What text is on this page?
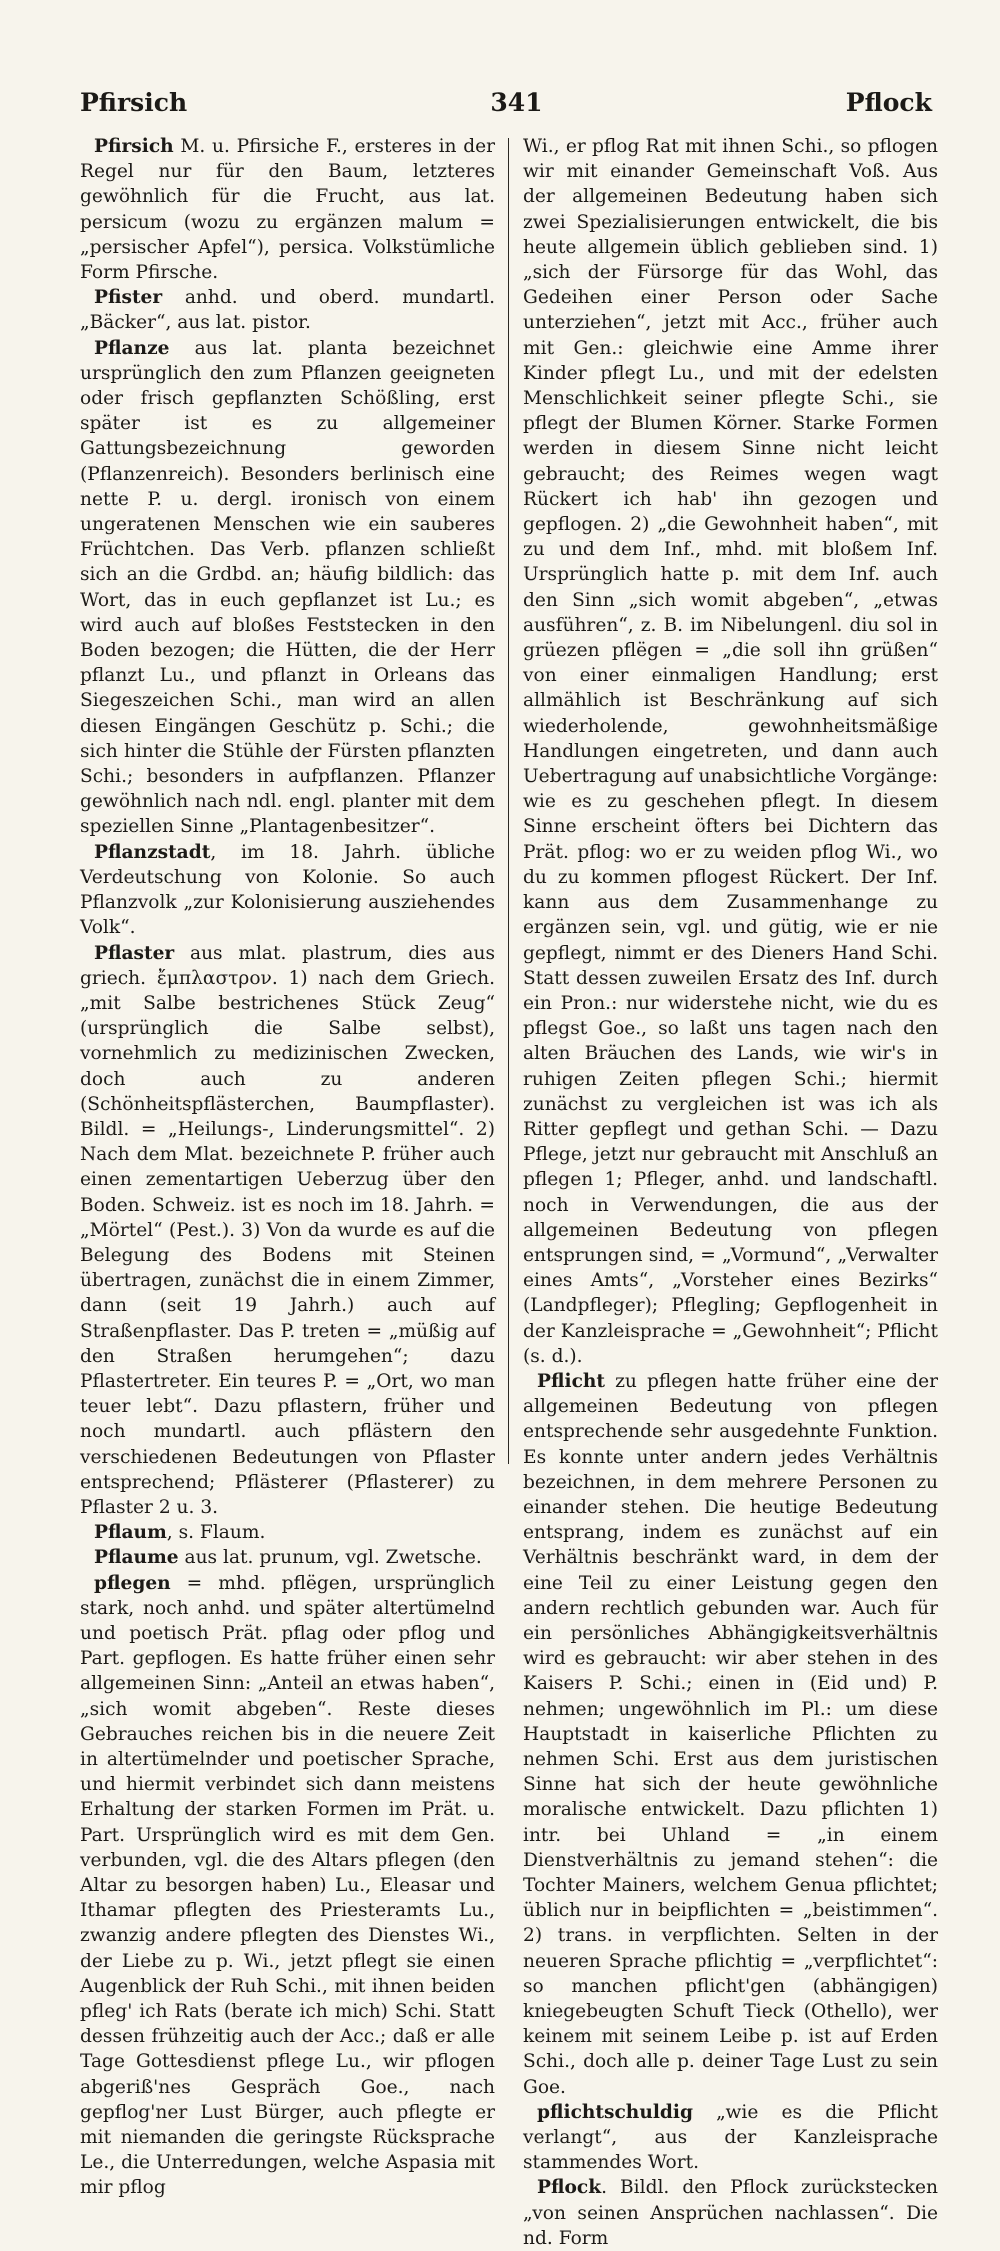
Pfirsich	341	Pflock

Pfirsich M. u. Pfirsiche F., ersteres in der Regel nur für den Baum, letzteres gewöhnlich für die Frucht, aus lat. persicum (wozu zu ergänzen malum = „persischer Apfel“), persica. Volkstümliche Form Pfirsche.

Pfister anhd. und oberd. mundartl. „Bäcker“, aus lat. pistor.

Pflanze aus lat. planta bezeichnet ursprünglich den zum Pflanzen geeigneten oder frisch gepflanzten Schößling, erst später ist es zu allgemeiner Gattungsbezeichnung geworden (Pflanzenreich). Besonders berlinisch eine nette P. u. dergl. ironisch von einem ungeratenen Menschen wie ein sauberes Früchtchen. Das Verb. pflanzen schließt sich an die Grdbd. an; häufig bildlich: das Wort, das in euch gepflanzet ist Lu.; es wird auch auf bloßes Feststecken in den Boden bezogen; die Hütten, die der Herr pflanzt Lu., und pflanzt in Orleans das Siegeszeichen Schi., man wird an allen diesen Eingängen Geschütz p. Schi.; die sich hinter die Stühle der Fürsten pflanzten Schi.; besonders in aufpflanzen. Pflanzer gewöhnlich nach ndl. engl. planter mit dem speziellen Sinne „Plantagenbesitzer“.

Pflanzstadt, im 18. Jahrh. übliche Verdeutschung von Kolonie. So auch Pflanzvolk „zur Kolonisierung ausziehendes Volk“.

Pflaster aus mlat. plastrum, dies aus griech. ἔμπλαστρον. 1) nach dem Griech. „mit Salbe bestrichenes Stück Zeug“ (ursprünglich die Salbe selbst), vornehmlich zu medizinischen Zwecken, doch auch zu anderen (Schönheitspflästerchen, Baumpflaster). Bildl. = „Heilungs-, Linderungsmittel“. 2) Nach dem Mlat. bezeichnete P. früher auch einen zementartigen Ueberzug über den Boden. Schweiz. ist es noch im 18. Jahrh. = „Mörtel“ (Pest.). 3) Von da wurde es auf die Belegung des Bodens mit Steinen übertragen, zunächst die in einem Zimmer, dann (seit 19 Jahrh.) auch auf Straßenpflaster. Das P. treten = „müßig auf den Straßen herumgehen“; dazu Pflastertreter. Ein teures P. = „Ort, wo man teuer lebt“. Dazu pflastern, früher und noch mundartl. auch pflästern den verschiedenen Bedeutungen von Pflaster entsprechend; Pflästerer (Pflasterer) zu Pflaster 2 u. 3.

Pflaum, s. Flaum.

Pflaume aus lat. prunum, vgl. Zwetsche.

pflegen = mhd. pflëgen, ursprünglich stark, noch anhd. und später altertümelnd und poetisch Prät. pflag oder pflog und Part. gepflogen. Es hatte früher einen sehr allgemeinen Sinn: „Anteil an etwas haben“, „sich womit abgeben“. Reste dieses Gebrauches reichen bis in die neuere Zeit in altertümelnder und poetischer Sprache, und hiermit verbindet sich dann meistens Erhaltung der starken Formen im Prät. u. Part. Ursprünglich wird es mit dem Gen. verbunden, vgl. die des Altars pflegen (den Altar zu besorgen haben) Lu., Eleasar und Ithamar pflegten des Priesteramts Lu., zwanzig andere pflegten des Dienstes Wi., der Liebe zu p. Wi., jetzt pflegt sie einen Augenblick der Ruh Schi., mit ihnen beiden pfleg' ich Rats (berate ich mich) Schi. Statt dessen frühzeitig auch der Acc.; daß er alle Tage Gottesdienst pflege Lu., wir pflogen abgeriß'nes Gespräch Goe., nach gepflog'ner Lust Bürger, auch pflegte er mit niemanden die geringste Rücksprache Le., die Unterredungen, welche Aspasia mit mir pflog

Wi., er pflog Rat mit ihnen Schi., so pflogen wir mit einander Gemeinschaft Voß. Aus der allgemeinen Bedeutung haben sich zwei Spezialisierungen entwickelt, die bis heute allgemein üblich geblieben sind. 1) „sich der Fürsorge für das Wohl, das Gedeihen einer Person oder Sache unterziehen“, jetzt mit Acc., früher auch mit Gen.: gleichwie eine Amme ihrer Kinder pflegt Lu., und mit der edelsten Menschlichkeit seiner pflegte Schi., sie pflegt der Blumen Körner. Starke Formen werden in diesem Sinne nicht leicht gebraucht; des Reimes wegen wagt Rückert ich hab' ihn gezogen und gepflogen. 2) „die Gewohnheit haben“, mit zu und dem Inf., mhd. mit bloßem Inf. Ursprünglich hatte p. mit dem Inf. auch den Sinn „sich womit abgeben“, „etwas ausführen“, z. B. im Nibelungenl. diu sol in grüezen pflëgen = „die soll ihn grüßen“ von einer einmaligen Handlung; erst allmählich ist Beschränkung auf sich wiederholende, gewohnheitsmäßige Handlungen eingetreten, und dann auch Uebertragung auf unabsichtliche Vorgänge: wie es zu geschehen pflegt. In diesem Sinne erscheint öfters bei Dichtern das Prät. pflog: wo er zu weiden pflog Wi., wo du zu kommen pflogest Rückert. Der Inf. kann aus dem Zusammenhange zu ergänzen sein, vgl. und gütig, wie er nie gepflegt, nimmt er des Dieners Hand Schi. Statt dessen zuweilen Ersatz des Inf. durch ein Pron.: nur widerstehe nicht, wie du es pflegst Goe., so laßt uns tagen nach den alten Bräuchen des Lands, wie wir's in ruhigen Zeiten pflegen Schi.; hiermit zunächst zu vergleichen ist was ich als Ritter gepflegt und gethan Schi. — Dazu Pflege, jetzt nur gebraucht mit Anschluß an pflegen 1; Pfleger, anhd. und landschaftl. noch in Verwendungen, die aus der allgemeinen Bedeutung von pflegen entsprungen sind, = „Vormund“, „Verwalter eines Amts“, „Vorsteher eines Bezirks“ (Landpfleger); Pflegling; Gepflogenheit in der Kanzleisprache = „Gewohnheit“; Pflicht (s. d.).

Pflicht zu pflegen hatte früher eine der allgemeinen Bedeutung von pflegen entsprechende sehr ausgedehnte Funktion. Es konnte unter andern jedes Verhältnis bezeichnen, in dem mehrere Personen zu einander stehen. Die heutige Bedeutung entsprang, indem es zunächst auf ein Verhältnis beschränkt ward, in dem der eine Teil zu einer Leistung gegen den andern rechtlich gebunden war. Auch für ein persönliches Abhängigkeitsverhältnis wird es gebraucht: wir aber stehen in des Kaisers P. Schi.; einen in (Eid und) P. nehmen; ungewöhnlich im Pl.: um diese Hauptstadt in kaiserliche Pflichten zu nehmen Schi. Erst aus dem juristischen Sinne hat sich der heute gewöhnliche moralische entwickelt. Dazu pflichten 1) intr. bei Uhland = „in einem Dienstverhältnis zu jemand stehen“: die Tochter Mainers, welchem Genua pflichtet; üblich nur in beipflichten = „beistimmen“. 2) trans. in verpflichten. Selten in der neueren Sprache pflichtig = „verpflichtet“: so manchen pflicht'gen (abhängigen) kniegebeugten Schuft Tieck (Othello), wer keinem mit seinem Leibe p. ist auf Erden Schi., doch alle p. deiner Tage Lust zu sein Goe.

pflichtschuldig „wie es die Pflicht verlangt“, aus der Kanzleisprache stammendes Wort.

Pflock. Bildl. den Pflock zurückstecken „von seinen Ansprüchen nachlassen“. Die nd. Form
